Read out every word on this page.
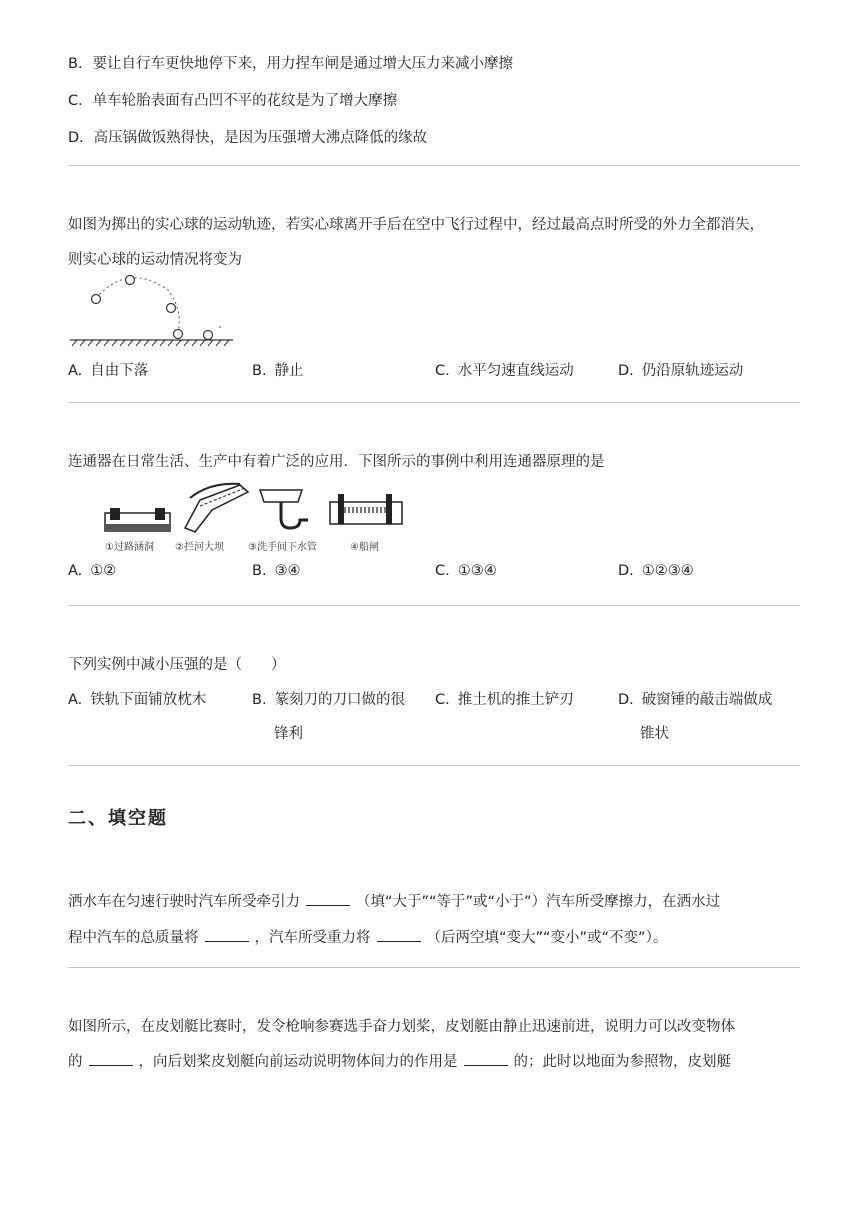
B．要让自行车更快地停下来，用力捏车闸是通过增大压力来减小摩擦
C．单车轮胎表面有凸凹不平的花纹是为了增大摩擦
D．高压锅做饭熟得快，是因为压强增大沸点降低的缘故
如图为掷出的实心球的运动轨迹，若实心球离开手后在空中飞行过程中，经过最高点时所受的外力全都消失，
则实心球的运动情况将变为
A. 自由下落	B. 静止	C. 水平匀速直线运动	D. 仍沿原轨迹运动
连通器在日常生活、生产中有着广泛的应用．下图所示的事例中利用连通器原理的是
①过路涵洞 ②拦河大坝 ③洗手间下水管	④船闸
A. ①②	B. ③④	C. ①③④	D. ①②③④
下列实例中减小压强的是（　　）
A. 铁轨下面铺放枕木	B. 篆刻刀的刀口做的很
锋利
C. 推土机的推土铲刃	D. 破窗锤的敲击端做成
锥状
二、填空题
洒水车在匀速行驶时汽车所受牵引力	（填“大于”“等于”或“小于”）汽车所受摩擦力，在洒水过
程中汽车的总质量将	，汽车所受重力将	（后两空填“变大”“变小”或“不变”）。
如图所示，在皮划艇比赛时，发令枪响参赛选手奋力划桨，皮划艇由静止迅速前进，说明力可以改变物体
的	，向后划桨皮划艇向前运动说明物体间力的作用是	的；此时以地面为参照物，皮划艇
